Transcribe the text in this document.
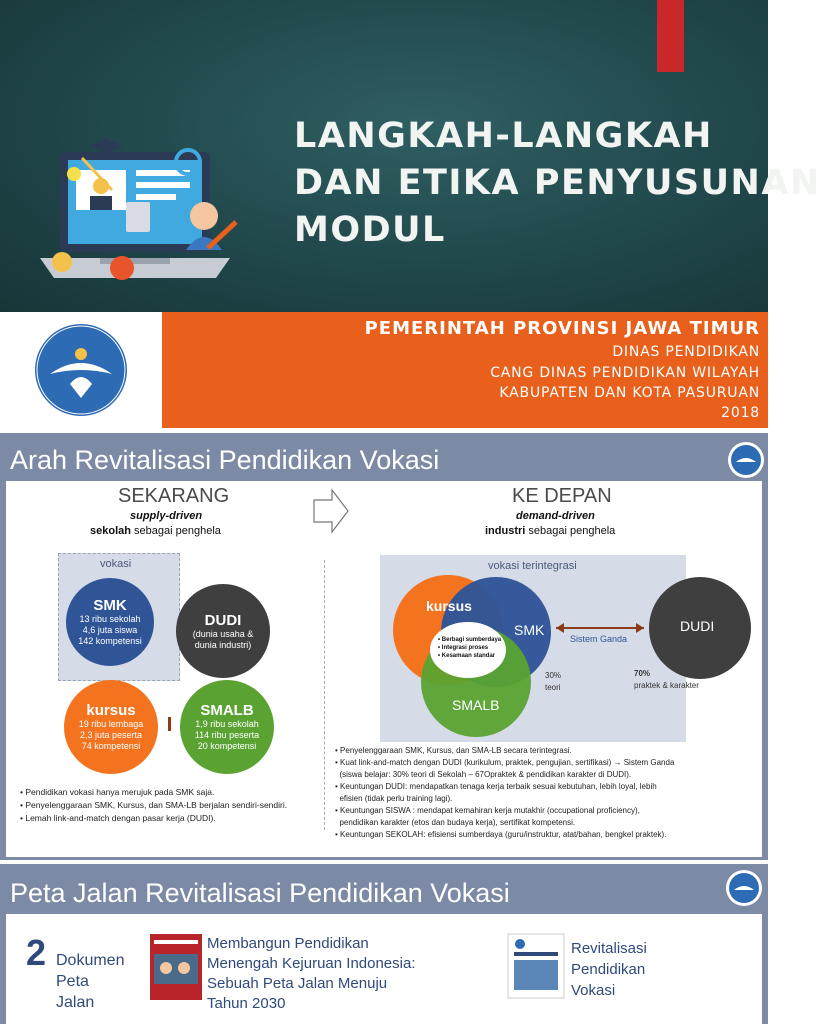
LANGKAH-LANGKAH
DAN ETIKA PENYUSUNAN
MODUL
PEMERINTAH PROVINSI JAWA TIMUR
DINAS PENDIDIKAN
CANG DINAS PENDIDIKAN WILAYAH
KABUPATEN DAN KOTA PASURUAN
2018
Arah Revitalisasi Pendidikan Vokasi
SEKARANG
supply-driven
sekolah sebagai penghela
vokasi
SMK
13 ribu sekolah
4,6 juta siswa
142 kompetensi
DUDI
(dunia usaha &
dunia industri)
kursus
19 ribu lembaga
2,3 juta peserta
74 kompetensi
SMALB
1,9 ribu sekolah
114 ribu peserta
20 kompetensi
• Pendidikan vokasi hanya merujuk pada SMK saja.
• Penyelenggaraan SMK, Kursus, dan SMA-LB berjalan sendiri-sendiri.
• Lemah link-and-match dengan pasar kerja (DUDI).
KE DEPAN
demand-driven
industri sebagai penghela
vokasi terintegrasi
kursus
SMK
SMALB
DUDI
• Berbagi sumberdaya
• Integrasi proses
• Kesamaan standar
Sistem Ganda
30%
teori
70%
praktek & karakter
• Penyelenggaraan SMK, Kursus, dan SMA-LB secara terintegrasi.
• Kuat link-and-match dengan DUDI (kurikulum, praktek, pengujian, sertifikasi) → Sistem Ganda
(siswa belajar: 30% teori di Sekolah – 67Opraktek & pendidikan karakter di DUDI).
• Keuntungan DUDI: mendapatkan tenaga kerja terbaik sesuai kebutuhan, lebih loyal, lebih
efisien (tidak perlu training lagi).
• Keuntungan SISWA : mendapat kemahiran kerja mutakhir (occupational proficiency),
pendidikan karakter (etos dan budaya kerja), sertifikat kompetensi.
• Keuntungan SEKOLAH: efisiensi sumberdaya (guru/instruktur, atat/bahan, bengkel praktek).
Peta Jalan Revitalisasi Pendidikan Vokasi
2 Dokumen
Peta
Jalan
Membangun Pendidikan
Menengah Kejuruan Indonesia:
Sebuah Peta Jalan Menuju
Tahun 2030
Revitalisasi
Pendidikan
Vokasi
